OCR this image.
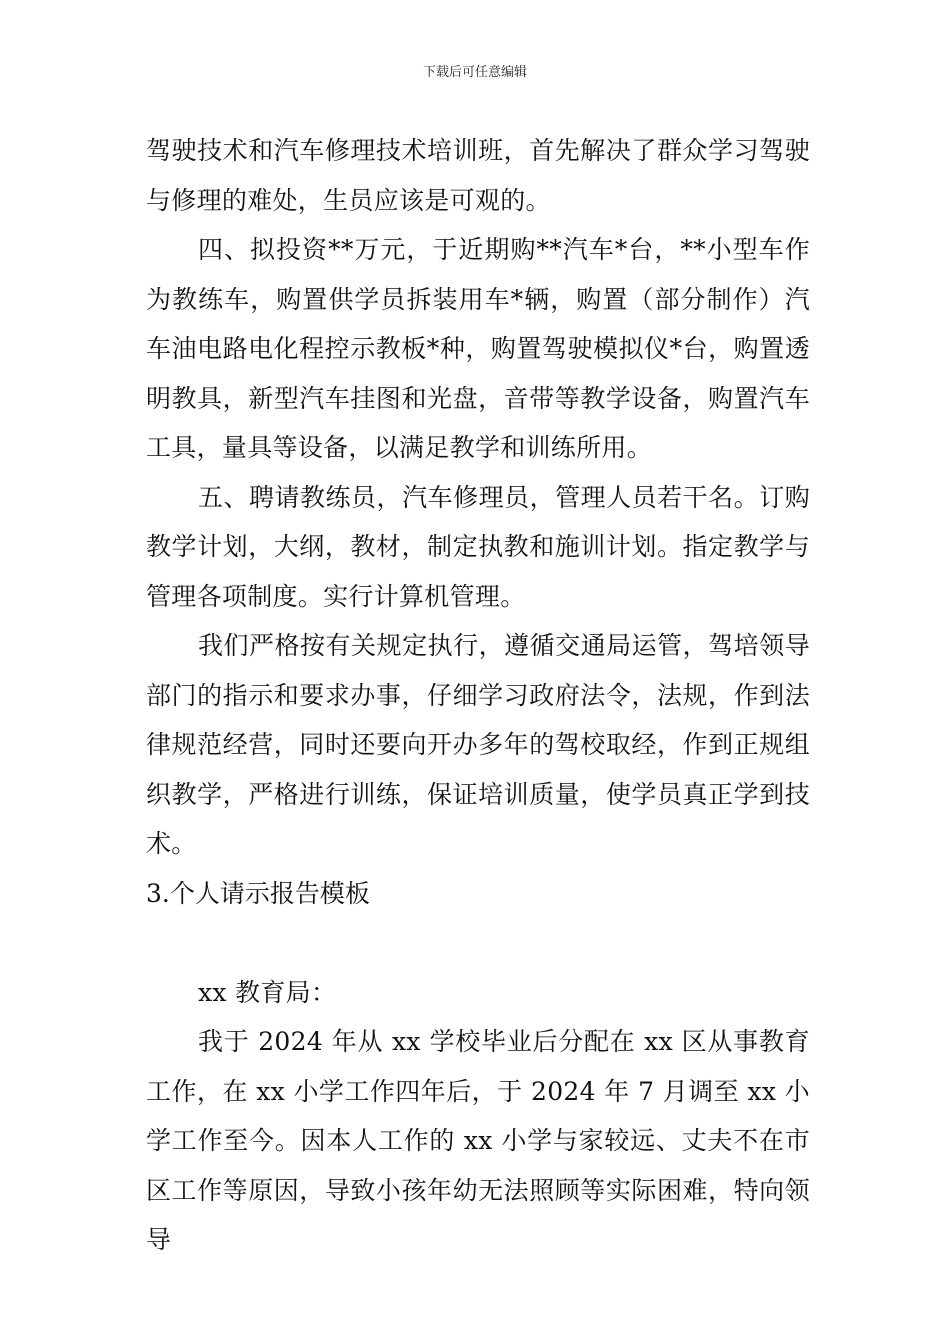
下载后可任意编辑

驾驶技术和汽车修理技术培训班，首先解决了群众学习驾驶与修理的难处，生员应该是可观的。

四、拟投资**万元，于近期购**汽车*台，**小型车作为教练车，购置供学员拆装用车*辆，购置（部分制作）汽车油电路电化程控示教板*种，购置驾驶模拟仪*台，购置透明教具，新型汽车挂图和光盘，音带等教学设备，购置汽车工具，量具等设备，以满足教学和训练所用。

五、聘请教练员，汽车修理员，管理人员若干名。订购教学计划，大纲，教材，制定执教和施训计划。指定教学与管理各项制度。实行计算机管理。

我们严格按有关规定执行，遵循交通局运管，驾培领导部门的指示和要求办事，仔细学习政府法令，法规，作到法律规范经营，同时还要向开办多年的驾校取经，作到正规组织教学，严格进行训练，保证培训质量，使学员真正学到技术。

3.个人请示报告模板

xx 教育局：

我于 2024 年从 xx 学校毕业后分配在 xx 区从事教育工作，在 xx 小学工作四年后，于 2024 年 7 月调至 xx 小学工作至今。因本人工作的 xx 小学与家较远、丈夫不在市区工作等原因，导致小孩年幼无法照顾等实际困难，特向领导
